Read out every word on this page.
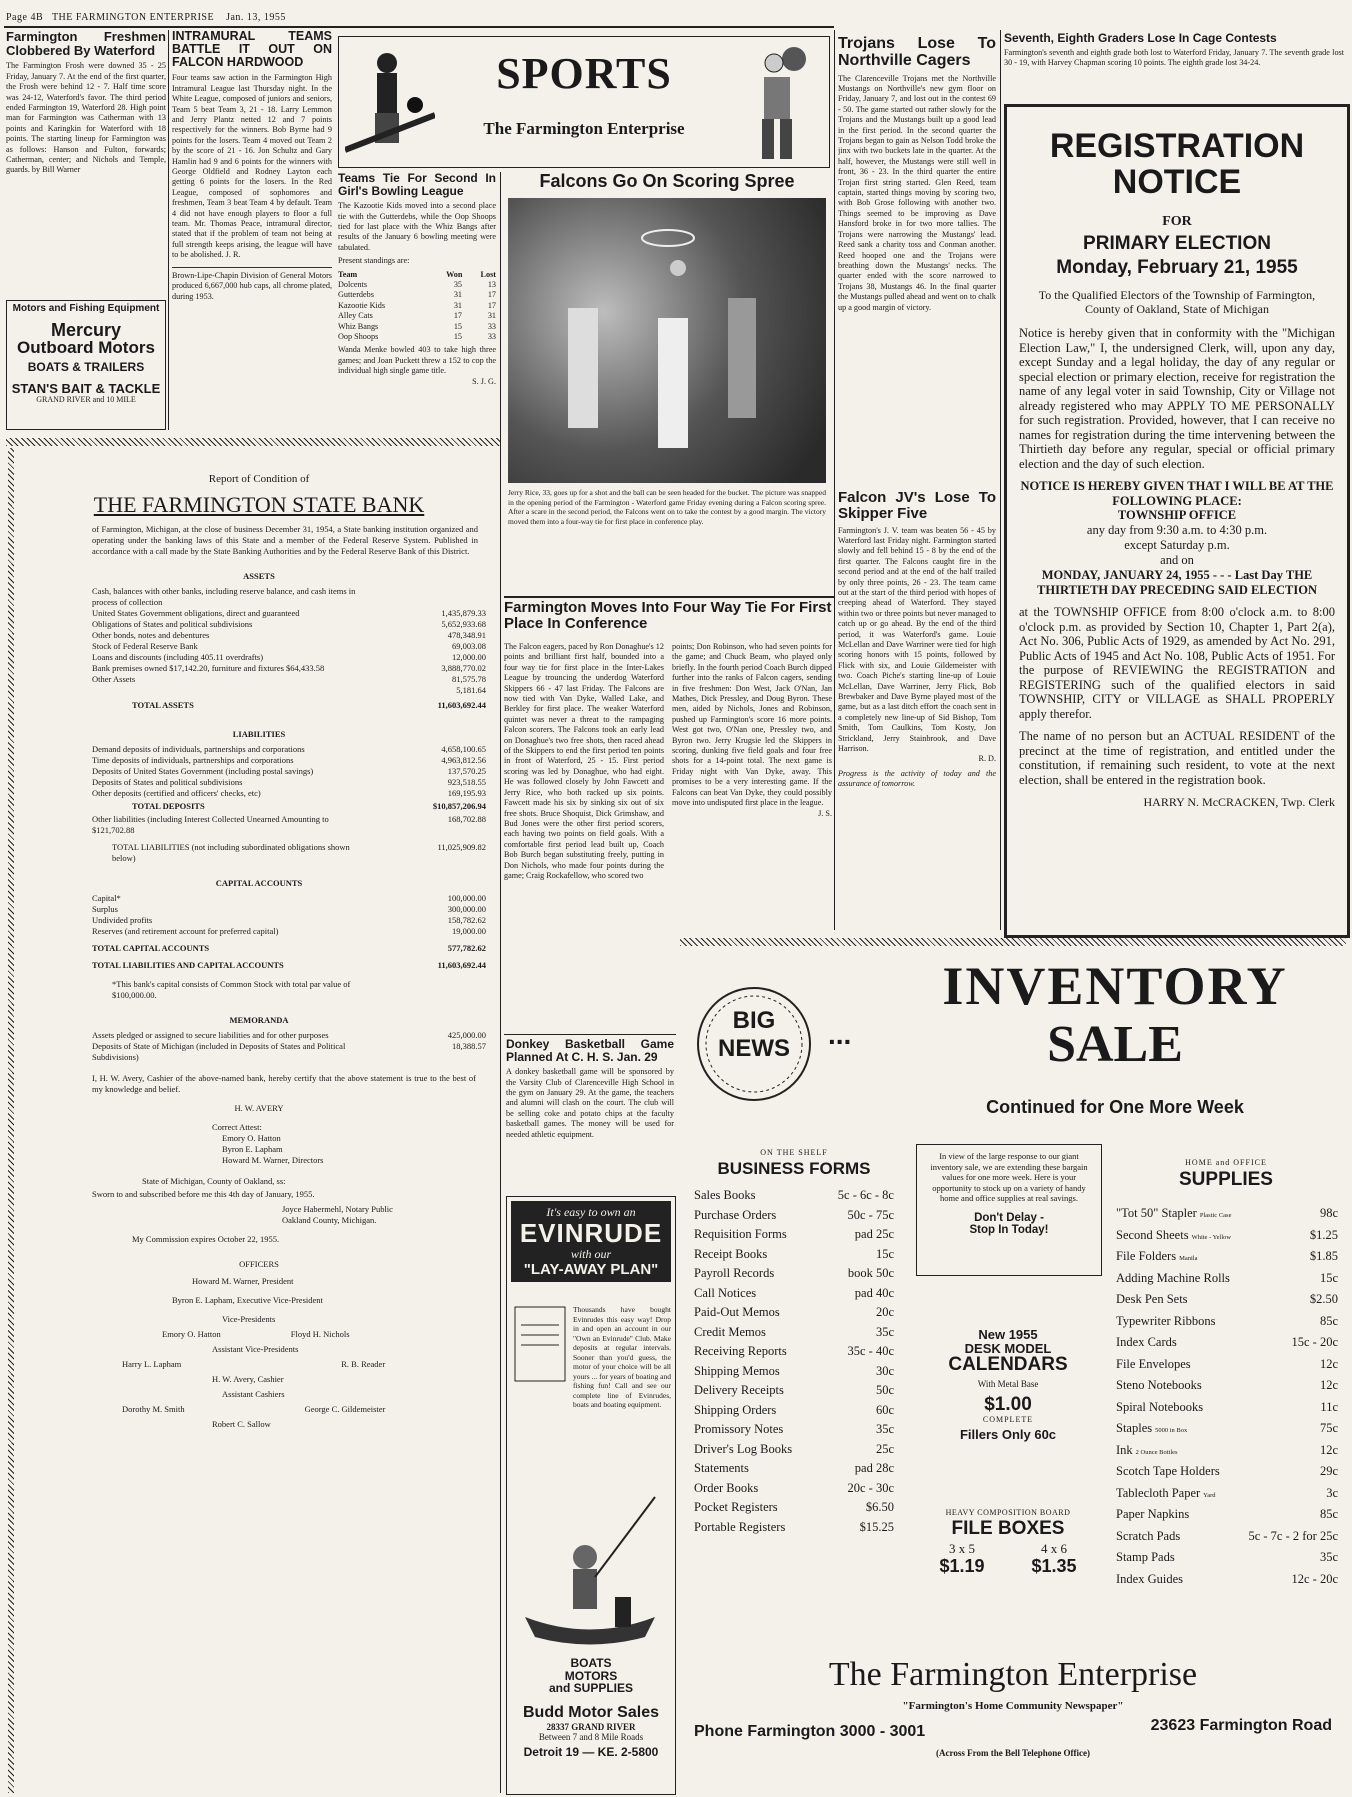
Page 4B THE FARMINGTON ENTERPRISE Jan. 13, 1955
Farmington Freshmen Clobbered By Waterford
The Farmington Frosh were downed 35 - 25 Friday, January 7. At the end of the first quarter, the Frosh were behind 12 - 7. Half time score was 24-12, Waterford's favor. The third period ended Farmington 19, Waterford 28. High point man for Farmington was Catherman with 13 points and Karingkin for Waterford with 18 points. The starting lineup for Farmington was as follows: Hanson and Fulton, forwards; Catherman, center; and Nichols and Temple, guards. by Bill Warner
INTRAMURAL TEAMS BATTLE IT OUT ON FALCON HARDWOOD
Four teams saw action in the Farmington High Intramural League last Thursday night. In the White League, composed of juniors and seniors, Team 5 beat Team 3, 21 - 18. Larry Lemmon and Jerry Plantz netted 12 and 7 points respectively for the winners. Bob Byrne had 9 points for the losers. Team 4 moved out Team 2 by the score of 21 - 16. Jon Schultz and Gary Hamlin had 9 and 6 points for the winners with George Oldfield and Rodney Layton each getting 6 points for the losers. In the Red League, composed of sophomores and freshmen, Team 3 beat Team 4 by default. Team 4 did not have enough players to floor a full team. Mr. Thomas Peace, intramural director, stated that if the problem of team not being at full strength keeps arising, the league will have to be abolished. J. R.
Brown-Lipe-Chapin Division of General Motors produced 6,667,000 hub caps, all chrome plated, during 1953.
Motors and Fishing Equipment
Mercury
Outboard Motors
BOATS & TRAILERS
STAN'S BAIT & TACKLE
GRAND RIVER and 10 MILE
SPORTS
The Farmington Enterprise
Teams Tie For Second In Girl's Bowling League
The Kazootie Kids moved into a second place tie with the Gutterdebs, while the Oop Shoops tied for last place with the Whiz Bangs after results of the January 6 bowling meeting were tabulated.
Present standings are:
Team	Won Lost
Dolcents	35	13
Gutterdebs	31	17
Kazootie Kids	31	17
Alley Cats	17	31
Whiz Bangs	15	33
Oop Shoops	15	33
Wanda Menke bowled 403 to take high three games; and Joan Puckett threw a 152 to cop the individual high single game title.
S. J. G.
Falcons Go On Scoring Spree
Jerry Rice, 33, goes up for a shot and the ball can be seen headed for the bucket. The picture was snapped in the opening period of the Farmington - Waterford game Friday evening during a Falcon scoring spree. After a scare in the second period, the Falcons went on to take the contest by a good margin. The victory moved them into a four-way tie for first place in conference play.
Trojans Lose To Northville Cagers
The Clarenceville Trojans met the Northville Mustangs on Northville's new gym floor on Friday, January 7, and lost out in the contest 69 - 50. The game started out rather slowly for the Trojans and the Mustangs built up a good lead in the first period. In the second quarter the Trojans began to gain as Nelson Todd broke the jinx with two buckets late in the quarter. At the half, however, the Mustangs were still well in front, 36 - 23. In the third quarter the entire Trojan first string started. Glen Reed, team captain, started things moving by scoring two, with Bob Grose following with another two. Things seemed to be improving as Dave Hansford broke in for two more tallies. The Trojans were narrowing the Mustangs' lead. Reed sank a charity toss and Conman another. Reed hooped one and the Trojans were breathing down the Mustangs' necks. The quarter ended with the score narrowed to Trojans 38, Mustangs 46. In the final quarter the Mustangs pulled ahead and went on to chalk up a good margin of victory.
Falcon JV's Lose To Skipper Five
Farmington's J. V. team was beaten 56 - 45 by Waterford last Friday night. Farmington started slowly and fell behind 15 - 8 by the end of the first quarter. The Falcons caught fire in the second period and at the end of the half trailed by only three points, 26 - 23. The team came out at the start of the third period with hopes of creeping ahead of Waterford. They stayed within two or three points but never managed to catch up or go ahead. By the end of the third period, it was Waterford's game. Louie McLellan and Dave Warriner were tied for high scoring honors with 15 points, followed by Flick with six, and Louie Gildemeister with two. Coach Piche's starting line-up of Louie McLellan, Dave Warriner, Jerry Flick, Bob Brewbaker and Dave Byrne played most of the game, but as a last ditch effort the coach sent in a completely new line-up of Sid Bishop, Tom Smith, Tom Caulkins, Tom Kosty, Jon Strickland, Jerry Stainbrook, and Dave Harrison.
R. D.
Progress is the activity of today and the assurance of tomorrow.
Seventh, Eighth Graders Lose In Cage Contests
Farmington's seventh and eighth grade both lost to Waterford Friday, January 7. The seventh grade lost 30 - 19, with Harvey Chapman scoring 10 points. The eighth grade lost 34-24.
REGISTRATION
NOTICE
FOR
PRIMARY ELECTION
Monday, February 21, 1955
To the Qualified Electors of the Township of Farmington, County of Oakland, State of Michigan
Notice is hereby given that in conformity with the "Michigan Election Law," I, the undersigned Clerk, will, upon any day, except Sunday and a legal holiday, the day of any regular or special election or primary election, receive for registration the name of any legal voter in said Township, City or Village not already registered who may APPLY TO ME PERSONALLY for such registration. Provided, however, that I can receive no names for registration during the time intervening between the Thirtieth day before any regular, special or official primary election and the day of such election.
NOTICE IS HEREBY GIVEN THAT I WILL BE AT THE FOLLOWING PLACE:
TOWNSHIP OFFICE
any day from 9:30 a.m. to 4:30 p.m.
except Saturday p.m.
and on
MONDAY, JANUARY 24, 1955 - - - Last Day THE THIRTIETH DAY PRECEDING SAID ELECTION
at the TOWNSHIP OFFICE from 8:00 o'clock a.m. to 8:00 o'clock p.m. as provided by Section 10, Chapter 1, Part 2(a), Act No. 306, Public Acts of 1929, as amended by Act No. 291, Public Acts of 1945 and Act No. 108, Public Acts of 1951. For the purpose of REVIEWING the REGISTRATION and REGISTERING such of the qualified electors in said TOWNSHIP, CITY or VILLAGE as SHALL PROPERLY apply therefor.
The name of no person but an ACTUAL RESIDENT of the precinct at the time of registration, and entitled under the constitution, if remaining such resident, to vote at the next election, shall be entered in the registration book.
HARRY N. McCRACKEN, Twp. Clerk
Report of Condition of
THE FARMINGTON STATE BANK
of Farmington, Michigan, at the close of business December 31, 1954, a State banking institution organized and operating under the banking laws of this State and a member of the Federal Reserve System. Published in accordance with a call made by the State Banking Authorities and by the Federal Reserve Bank of this District.
ASSETS
Cash, balances with other banks, including reserve balance, and cash items in process of collection
United States Government obligations, direct and guaranteed	1,435,879.33
Obligations of States and political subdivisions	5,652,933.68
Other bonds, notes and debentures	478,348.91
Stock of Federal Reserve Bank	69,003.08
Loans and discounts (including 405.11 overdrafts)	12,000.00
Bank premises owned $17,142.20, furniture and fixtures $64,433.58	3,888,770.02
Other Assets	81,575.78
5,181.64
TOTAL ASSETS	11,603,692.44
LIABILITIES
Demand deposits of individuals, partnerships and corporations	4,658,100.65
Time deposits of individuals, partnerships and corporations	4,963,812.56
Deposits of United States Government (including postal savings)	137,570.25
Deposits of States and political subdivisions	923,518.55
Other deposits (certified and officers' checks, etc)	169,195.93
TOTAL DEPOSITS	$10,857,206.94
Other liabilities (including Interest Collected Unearned Amounting to $121,702.88
168,702.88
TOTAL LIABILITIES (not including subordinated obligations shown below)
11,025,909.82
CAPITAL ACCOUNTS
Capital*	100,000.00
Surplus	300,000.00
Undivided profits	158,782.62
Reserves (and retirement account for preferred capital)	19,000.00
TOTAL CAPITAL ACCOUNTS	577,782.62
TOTAL LIABILITIES AND CAPITAL ACCOUNTS	11,603,692.44
*This bank's capital consists of Common Stock with total par value of $100,000.00.
MEMORANDA
Assets pledged or assigned to secure liabilities and for other purposes	425,000.00
Deposits of State of Michigan (included in Deposits of States and Political Subdivisions)
18,388.57
I, H. W. Avery, Cashier of the above-named bank, hereby certify that the above statement is true to the best of my knowledge and belief.
H. W. AVERY
Correct Attest:
Emory O. Hatton
Byron E. Lapham
Howard M. Warner, Directors
State of Michigan, County of Oakland, ss:
Sworn to and subscribed before me this 4th day of January, 1955.
Joyce Habermehl, Notary Public
Oakland County, Michigan.
My Commission expires October 22, 1955.
OFFICERS
Howard M. Warner, President
Byron E. Lapham, Executive Vice-President
Vice-Presidents
Emory O. Hatton	Floyd H. Nichols
Assistant Vice-Presidents
Harry L. Lapham	R. B. Reader
H. W. Avery, Cashier
Assistant Cashiers
Dorothy M. Smith	George C. Gildemeister
Robert C. Sallow
Farmington Moves Into Four Way Tie For First Place In Conference
The Falcon eagers, paced by Ron Donaghue's 12 points and brilliant first half, bounded into a four way tie for first place in the Inter-Lakes League by trouncing the underdog Waterford Skippers 66 - 47 last Friday. The Falcons are now tied with Van Dyke, Walled Lake, and Berkley for first place. The weaker Waterford quintet was never a threat to the rampaging Falcon scorers. The Falcons took an early lead on Donaghue's two free shots, then raced ahead of the Skippers to end the first period ten points in front of Waterford, 25 - 15. First period scoring was led by Donaghue, who had eight. He was followed closely by John Fawcett and Jerry Rice, who both racked up six points. Fawcett made his six by sinking six out of six free shots. Bruce Shoquist, Dick Grimshaw, and Bud Jones were the other first period scorers, each having two points on field goals. With a comfortable first period lead built up, Coach Bob Burch began substituting freely, putting in Don Nichols, who made four points during the game; Craig Rockafellow, who scored two
points; Don Robinson, who had seven points for the game; and Chuck Beam, who played only briefly. In the fourth period Coach Burch dipped further into the ranks of Falcon cagers, sending in five freshmen: Don West, Jack O'Nan, Jan Mathes, Dick Pressley, and Doug Byron. These men, aided by Nichols, Jones and Robinson, pushed up Farmington's score 16 more points. West got two, O'Nan one, Pressley two, and Byron two. Jerry Krugsie led the Skippers in scoring, dunking five field goals and four free shots for a 14-point total. The next game is Friday night with Van Dyke, away. This promises to be a very interesting game. If the Falcons can beat Van Dyke, they could possibly move into undisputed first place in the league.
J. S.
Donkey Basketball Game Planned At C. H. S. Jan. 29
A donkey basketball game will be sponsored by the Varsity Club of Clarenceville High School in the gym on January 29. At the game, the teachers and alumni will clash on the court. The club will be selling coke and potato chips at the faculty basketball games. The money will be used for needed athletic equipment.
It's easy to own an
EVINRUDE
with our
"LAY-AWAY PLAN"
Thousands have bought Evinrudes this easy way! Drop in and open an account in our "Own an Evinrude" Club. Make deposits at regular intervals. Sooner than you'd guess, the motor of your choice will be all yours ... for years of boating and fishing fun! Call and see our complete line of Evinrudes, boats and boating equipment.
BOATS
MOTORS
and SUPPLIES
Budd Motor Sales
28337 GRAND RIVER
Between 7 and 8 Mile Roads
Detroit 19 — KE. 2-5800
BIG
NEWS	...
INVENTORY
SALE
Continued for One More Week
ON THE SHELF
BUSINESS FORMS
Sales Books	5c - 6c - 8c
Purchase Orders	50c - 75c
Requisition Forms	pad 25c
Receipt Books	15c
Payroll Records	book 50c
Call Notices	pad 40c
Paid-Out Memos	20c
Credit Memos	35c
Receiving Reports	35c - 40c
Shipping Memos	30c
Delivery Receipts	50c
Shipping Orders	60c
Promissory Notes	35c
Driver's Log Books	25c
Statements	pad 28c
Order Books	20c - 30c
Pocket Registers	$6.50
Portable Registers	$15.25
In view of the large response to our giant inventory sale, we are extending these bargain values for one more week. Here is your opportunity to stock up on a variety of handy home and office supplies at real savings.
Don't Delay -
Stop In Today!
New 1955
DESK MODEL
CALENDARS
With Metal Base
$1.00
COMPLETE
Fillers Only 60c
HEAVY COMPOSITION BOARD
FILE BOXES
3 x 5	4 x 6
$1.19	$1.35
HOME and OFFICE
SUPPLIES
"Tot 50" Stapler Plastic Case	98c
Second Sheets White - Yellow	$1.25
File Folders Manila	$1.85
Adding Machine Rolls	15c
Desk Pen Sets	$2.50
Typewriter Ribbons	85c
Index Cards	15c - 20c
File Envelopes	12c
Steno Notebooks	12c
Spiral Notebooks	11c
Staples 5000 in Box	75c
Ink 2 Ounce Bottles	12c
Scotch Tape Holders	29c
Tablecloth Paper Yard	3c
Paper Napkins	85c
Scratch Pads	5c - 7c - 2 for 25c
Stamp Pads	35c
Index Guides	12c - 20c
The Farmington Enterprise
"Farmington's Home Community Newspaper"
Phone Farmington 3000 - 3001	23623 Farmington Road
(Across From the Bell Telephone Office)
